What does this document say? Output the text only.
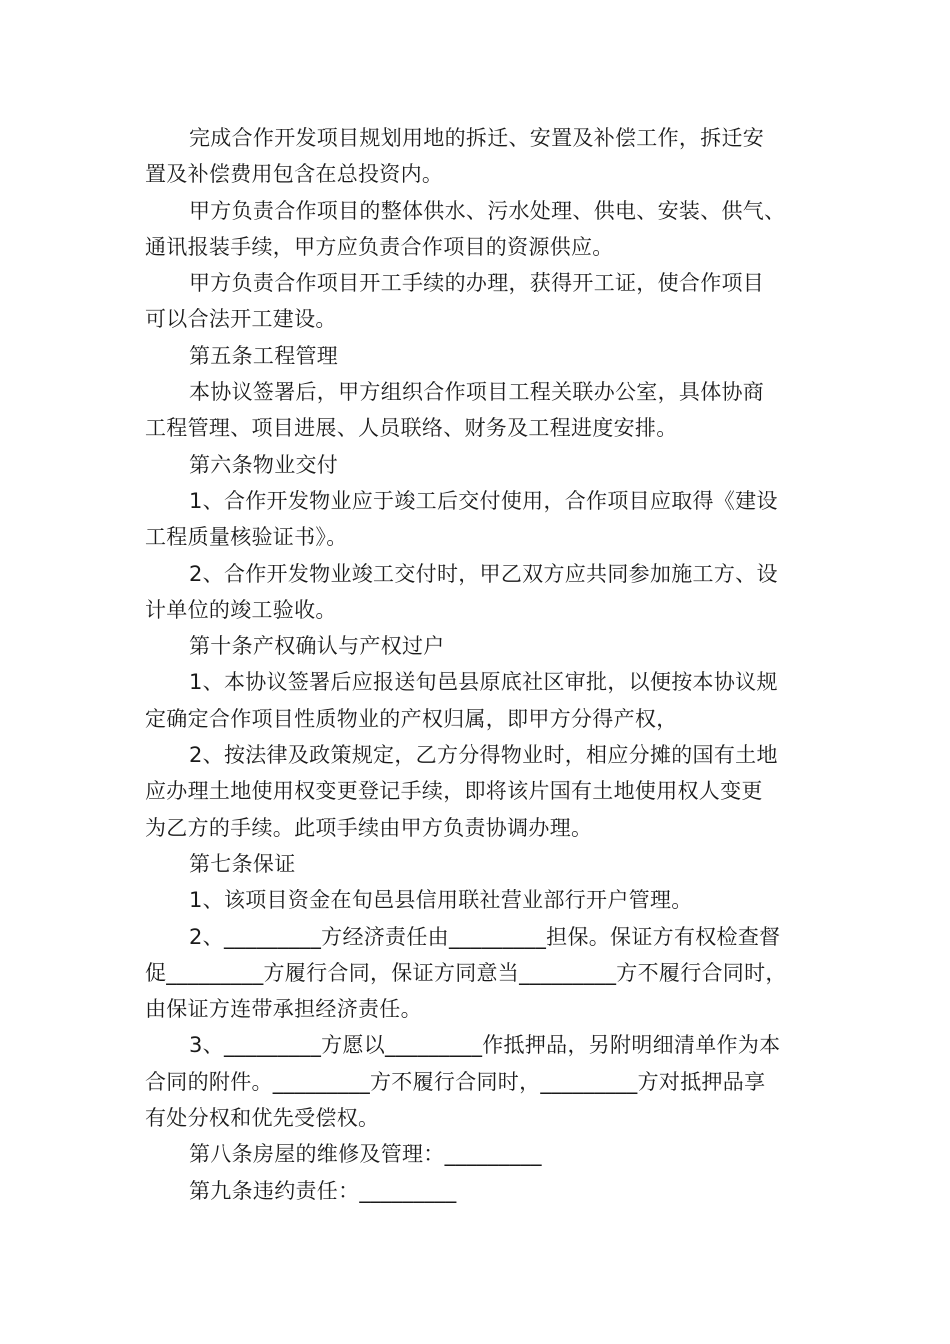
完成合作开发项目规划用地的拆迁、安置及补偿工作，拆迁安
置及补偿费用包含在总投资内。
甲方负责合作项目的整体供水、污水处理、供电、安装、供气、
通讯报装手续，甲方应负责合作项目的资源供应。
甲方负责合作项目开工手续的办理，获得开工证，使合作项目
可以合法开工建设。
第五条工程管理
本协议签署后，甲方组织合作项目工程关联办公室，具体协商
工程管理、项目进展、人员联络、财务及工程进度安排。
第六条物业交付
1、合作开发物业应于竣工后交付使用，合作项目应取得《建设
工程质量核验证书》。
2、合作开发物业竣工交付时，甲乙双方应共同参加施工方、设
计单位的竣工验收。
第十条产权确认与产权过户
1、本协议签署后应报送旬邑县原底社区审批，以便按本协议规
定确定合作项目性质物业的产权归属，即甲方分得产权，
2、按法律及政策规定，乙方分得物业时，相应分摊的国有土地
应办理土地使用权变更登记手续，即将该片国有土地使用权人变更
为乙方的手续。此项手续由甲方负责协调办理。
第七条保证
1、该项目资金在旬邑县信用联社营业部行开户管理。
2、_________方经济责任由_________担保。保证方有权检查督
促_________方履行合同，保证方同意当_________方不履行合同时，
由保证方连带承担经济责任。
3、_________方愿以_________作抵押品，另附明细清单作为本
合同的附件。_________方不履行合同时，_________方对抵押品享
有处分权和优先受偿权。
第八条房屋的维修及管理：_________
第九条违约责任：_________
